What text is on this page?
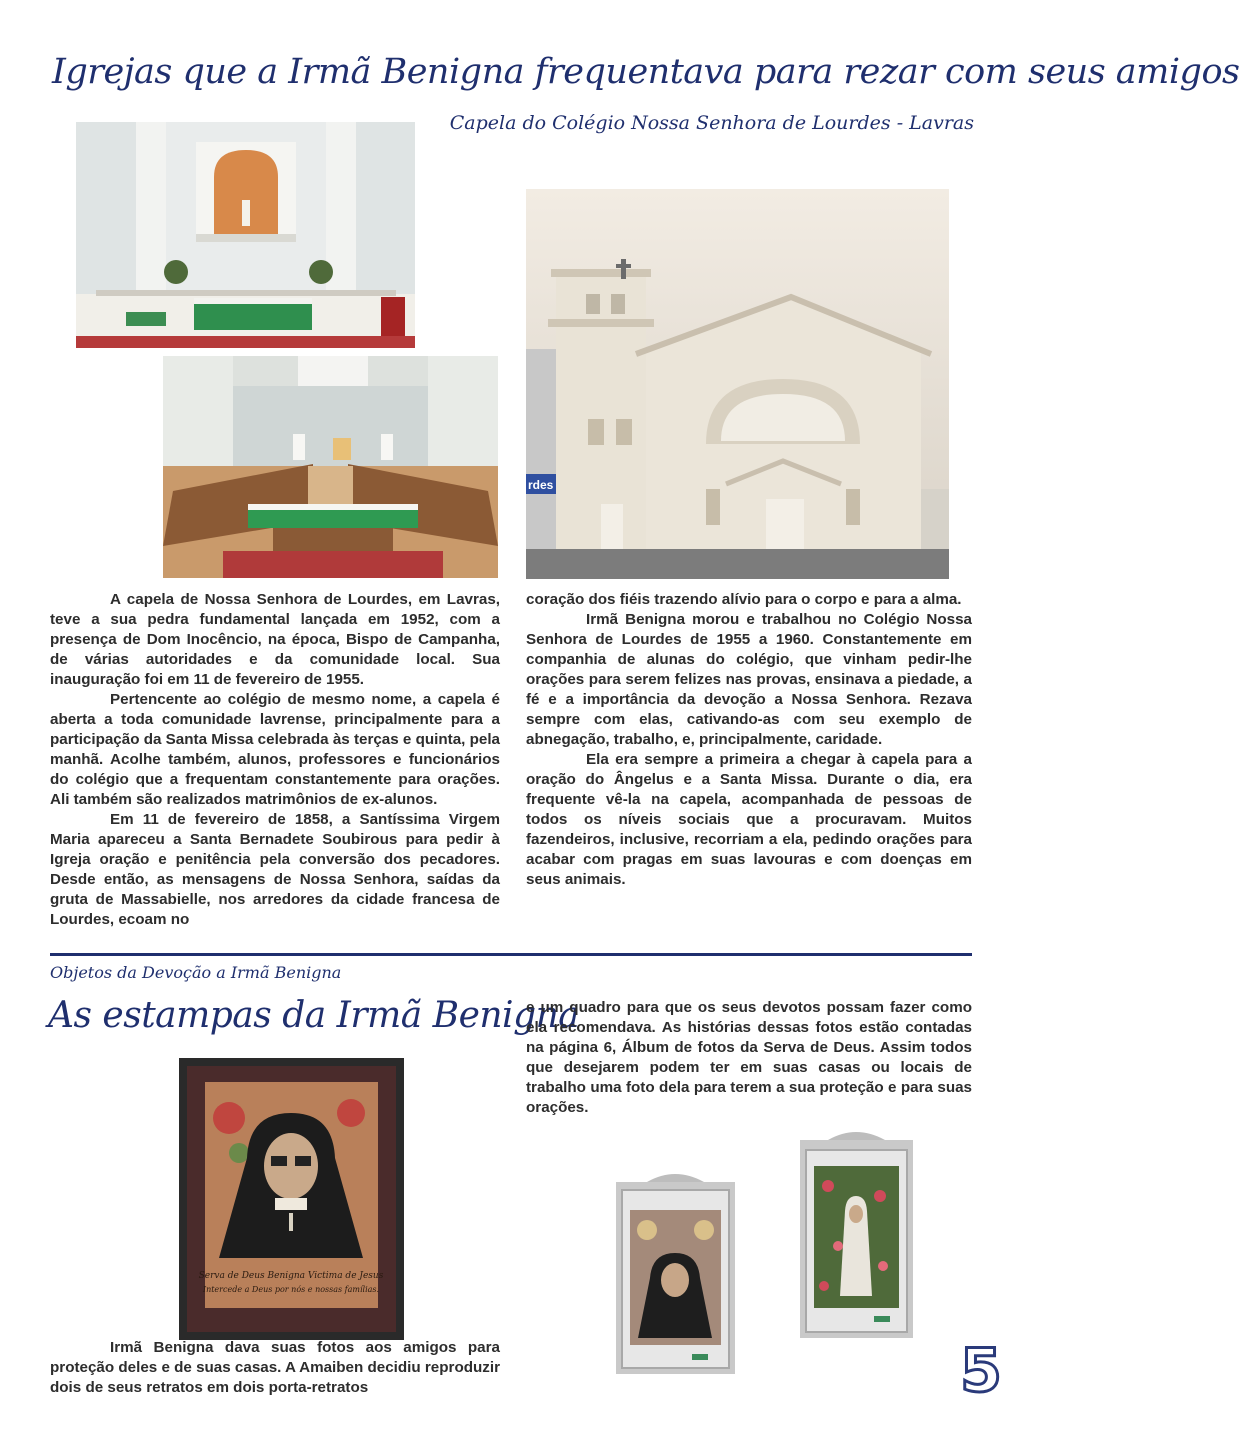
Igrejas que a Irmã Benigna frequentava para rezar com seus amigos
Capela do Colégio Nossa Senhora de Lourdes - Lavras
rdes

A capela de Nossa Senhora de Lourdes, em Lavras, teve a sua pedra fundamental lançada em 1952, com a presença de Dom Inocêncio, na época, Bispo de Campanha, de várias autoridades e da comunidade local. Sua inauguração foi em 11 de fevereiro de 1955.

Pertencente ao colégio de mesmo nome, a capela é aberta a toda comunidade lavrense, principalmente para a participação da Santa Missa celebrada às terças e quinta, pela manhã. Acolhe também, alunos, professores e funcionários do colégio que a frequentam constantemente para orações. Ali também são realizados matrimônios de ex-alunos.

Em 11 de fevereiro de 1858, a Santíssima Virgem Maria apareceu a Santa Bernadete Soubirous para pedir à Igreja oração e penitência pela conversão dos pecadores. Desde então, as mensagens de Nossa Senhora, saídas da gruta de Massabielle, nos arredores da cidade francesa de Lourdes, ecoam no

coração dos fiéis trazendo alívio para o corpo e para a alma.

Irmã Benigna morou e trabalhou no Colégio Nossa Senhora de Lourdes de 1955 a 1960. Constantemente em companhia de alunas do colégio, que vinham pedir-lhe orações para serem felizes nas provas, ensinava a piedade, a fé e a importância da devoção a Nossa Senhora. Rezava sempre com elas, cativando-as com seu exemplo de abnegação, trabalho, e, principalmente, caridade.

Ela era sempre a primeira a chegar à capela para a oração do Ângelus e a Santa Missa. Durante o dia, era frequente vê-la na capela, acompanhada de pessoas de todos os níveis sociais que a procuravam. Muitos fazendeiros, inclusive, recorriam a ela, pedindo orações para acabar com pragas em suas lavouras e com doenças em seus animais.

Objetos da Devoção a Irmã Benigna
As estampas da Irmã Benigna
Serva de Deus Benigna Victima de Jesus
Intercede a Deus por nós e nossas famílias.

Irmã Benigna dava suas fotos aos amigos para proteção deles e de suas casas. A Amaiben decidiu reproduzir dois de seus retratos em dois porta-retratos

e um quadro para que os seus devotos possam fazer como ela recomendava. As histórias dessas fotos estão contadas na página 6, Álbum de fotos da Serva de Deus. Assim todos que desejarem podem ter em suas casas ou locais de trabalho uma foto dela para terem a sua proteção e para suas orações.

5
